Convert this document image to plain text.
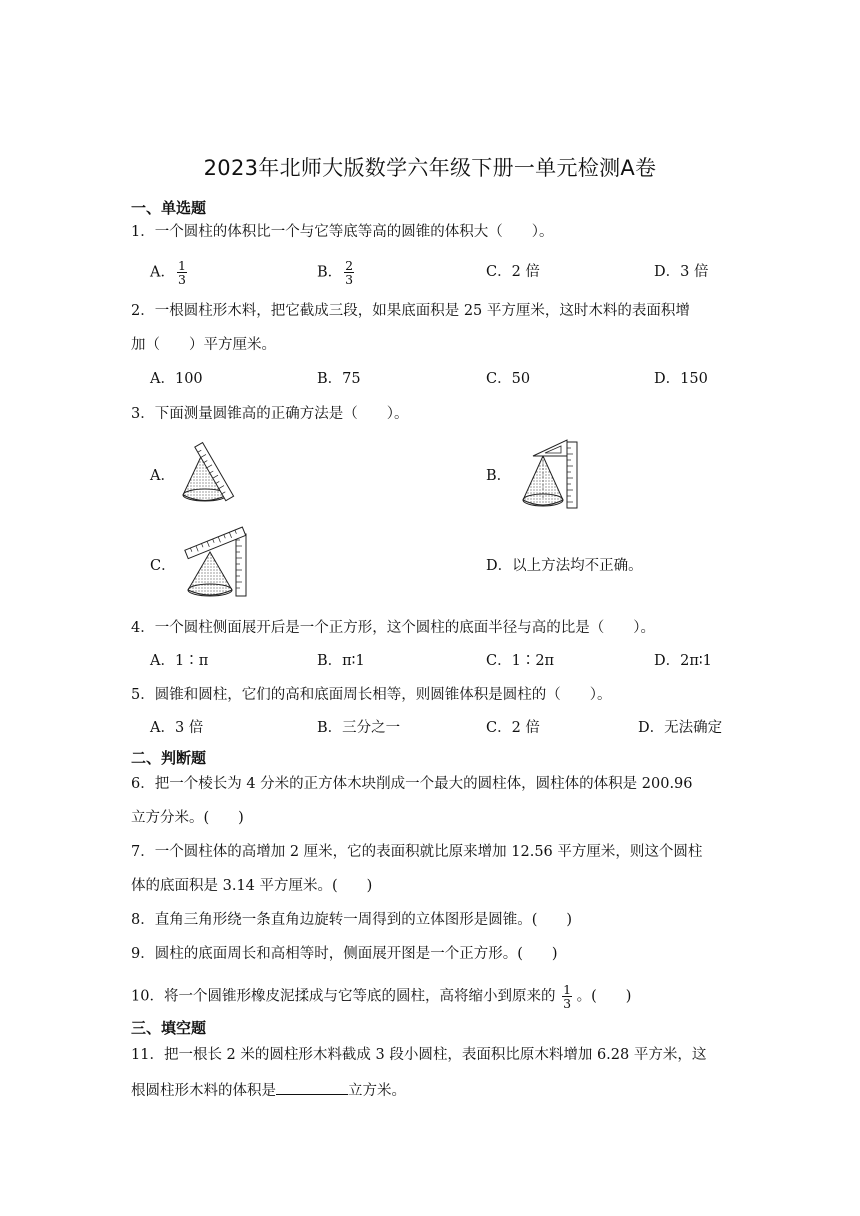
2023年北师大版数学六年级下册一单元检测A卷
一、单选题
1．一个圆柱的体积比一个与它等底等高的圆锥的体积大（　　）。
A． $\frac{1}{3}$	B． $\frac{2}{3}$	C．2 倍	D．3 倍
2．一根圆柱形木料，把它截成三段，如果底面积是 25 平方厘米，这时木料的表面积增
加（　　）平方厘米。
A．100	B．75	C．50	D．150
3．下面测量圆锥高的正确方法是（　　）。
A．	B．
C．	D．以上方法均不正确。
4．一个圆柱侧面展开后是一个正方形，这个圆柱的底面半径与高的比是（　　）。
A．1∶π	B．π∶1	C．1∶2π	D．2π∶1
5．圆锥和圆柱，它们的高和底面周长相等，则圆锥体积是圆柱的（　　）。
A．3 倍	B．三分之一	C．2 倍	D．无法确定
二、判断题
6．把一个棱长为 4 分米的正方体木块削成一个最大的圆柱体，圆柱体的体积是 200.96
立方分米。(　　)
7．一个圆柱体的高增加 2 厘米，它的表面积就比原来增加 12.56 平方厘米，则这个圆柱
体的底面积是 3.14 平方厘米。(　　)
8．直角三角形绕一条直角边旋转一周得到的立体图形是圆锥。(　　)
9．圆柱的底面周长和高相等时，侧面展开图是一个正方形。(　　)
10．将一个圆锥形橡皮泥揉成与它等底的圆柱，高将缩小到原来的 $\frac{1}{3}$ 。(　　)
三、填空题
11．把一根长 2 米的圆柱形木料截成 3 段小圆柱，表面积比原木料增加 6.28 平方米，这
根圆柱形木料的体积是	立方米。
